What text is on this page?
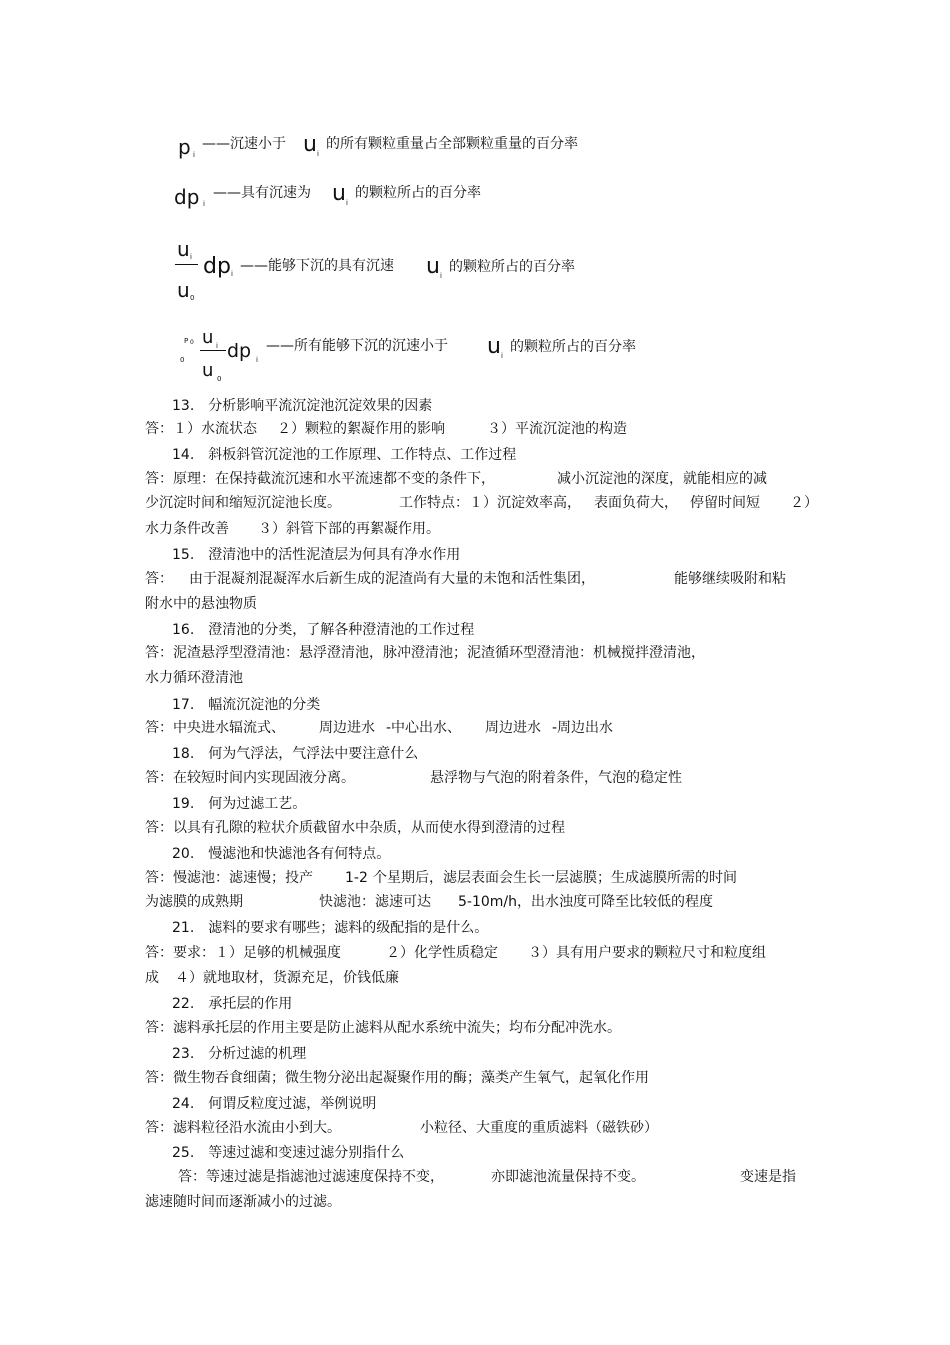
p i
——沉速小于 u i
的所有颗粒重量占全部颗粒重量的百分率
dp i
——具有沉速为 u i
的颗粒所占的百分率
u i
u 0
dp i ——能够下沉的具有沉速 u i
的颗粒所占的百分率
P 0
0
u i
u 0
dp i
——所有能够下沉的沉速小于 u i
的颗粒所占的百分率
13.　分析影响平流沉淀池沉淀效果的因素
答：１）水流状态 ２）颗粒的絮凝作用的影响	３）平流沉淀池的构造
14.　斜板斜管沉淀池的工作原理、工作特点、工作过程
答：原理：在保持截流沉速和水平流速都不变的条件下，	减小沉淀池的深度，就能相应的减
少沉淀时间和缩短沉淀池长度。	工作特点：１）沉淀效率高， 表面负荷大， 停留时间短 ２）
水力条件改善 ３）斜管下部的再絮凝作用。
15.　澄清池中的活性泥渣层为何具有净水作用
答： 由于混凝剂混凝浑水后新生成的泥渣尚有大量的未饱和活性集团，	能够继续吸附和粘
附水中的悬浊物质
16.　澄清池的分类，了解各种澄清池的工作过程
答：泥渣悬浮型澄清池：悬浮澄清池，脉冲澄清池；泥渣循环型澄清池：机械搅拌澄清池，
水力循环澄清池
17.　幅流沉淀池的分类
答：中央进水辐流式、 周边进水 -中心出水、 周边进水 -周边出水
18.　何为气浮法，气浮法中要注意什么
答：在较短时间内实现固液分离。	悬浮物与气泡的附着条件，气泡的稳定性
19.　何为过滤工艺。
答：以具有孔隙的粒状介质截留水中杂质，从而使水得到澄清的过程
20.　慢滤池和快滤池各有何特点。
答：慢滤池：滤速慢；投产 1-2 个星期后，滤层表面会生长一层滤膜；生成滤膜所需的时间
为滤膜的成熟期	快滤池：滤速可达 5-10m/h，出水浊度可降至比较低的程度
21.　滤料的要求有哪些；滤料的级配指的是什么。
答：要求：１）足够的机械强度	２）化学性质稳定 ３）具有用户要求的颗粒尺寸和粒度组
成 ４）就地取材，货源充足，价钱低廉
22.　承托层的作用
答：滤料承托层的作用主要是防止滤料从配水系统中流失；均布分配冲洗水。
23.　分析过滤的机理
答：微生物吞食细菌；微生物分泌出起凝聚作用的酶；藻类产生氧气，起氧化作用
24.　何谓反粒度过滤，举例说明
答：滤料粒径沿水流由小到大。	小粒径、大重度的重质滤料（磁铁砂）
25.　等速过滤和变速过滤分别指什么
答：等速过滤是指滤池过滤速度保持不变，	亦即滤池流量保持不变。	变速是指
滤速随时间而逐渐减小的过滤。
